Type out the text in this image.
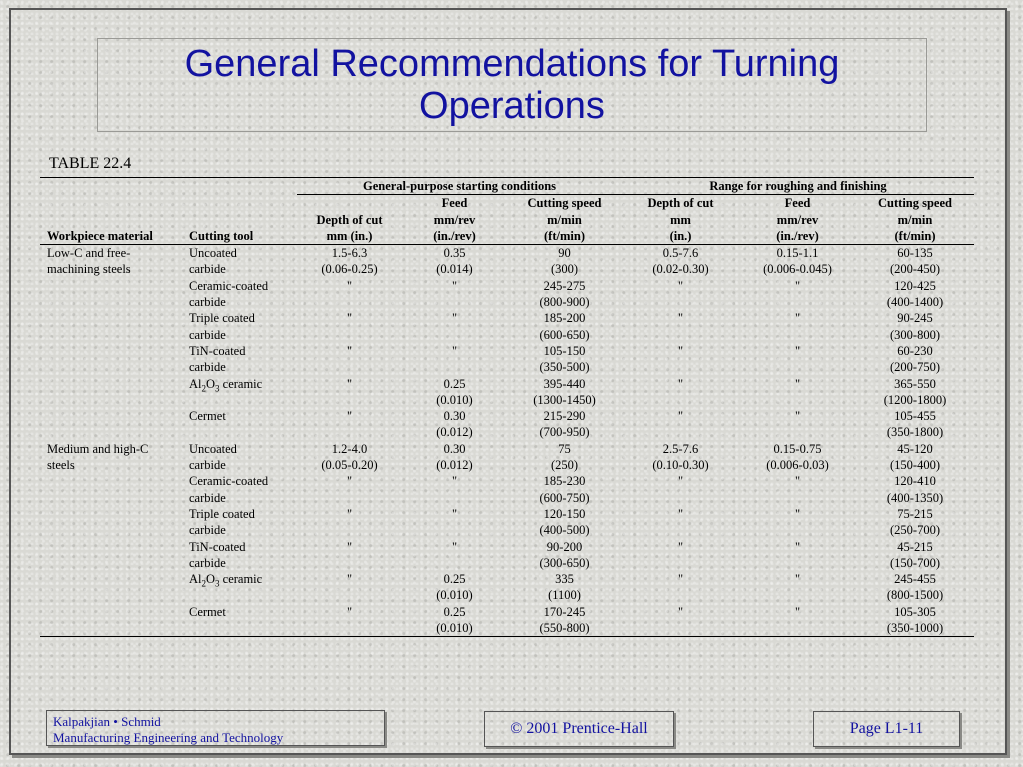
General Recommendations for Turning Operations
TABLE 22.4
		General-purpose starting conditions			Range for roughing and finishing		
			Feed	Cutting speed	Depth of cut	Feed	Cutting speed
		Depth of cut	mm/rev	m/min	mm	mm/rev	m/min
Workpiece material	Cutting tool	mm (in.)	(in./rev)	(ft/min)	(in.)	(in./rev)	(ft/min)
Low-C and free-	Uncoated	1.5-6.3	0.35	90	0.5-7.6	0.15-1.1	60-135
machining steels	carbide	(0.06-0.25)	(0.014)	(300)	(0.02-0.30)	(0.006-0.045)	(200-450)
	Ceramic-coated	"	"	245-275	"	"	120-425
	carbide			(800-900)			(400-1400)
	Triple coated	"	"	185-200	"	"	90-245
	carbide			(600-650)			(300-800)
	TiN-coated	"	"	105-150	"	"	60-230
	carbide			(350-500)			(200-750)
	$Al_2O_3$ ceramic	"	0.25	395-440	"	"	365-550
			(0.010)	(1300-1450)			(1200-1800)
	Cermet	"	0.30	215-290	"	"	105-455
			(0.012)	(700-950)			(350-1800)
Medium and high-C	Uncoated	1.2-4.0	0.30	75	2.5-7.6	0.15-0.75	45-120
steels	carbide	(0.05-0.20)	(0.012)	(250)	(0.10-0.30)	(0.006-0.03)	(150-400)
	Ceramic-coated	"	"	185-230	"	"	120-410
	carbide			(600-750)			(400-1350)
	Triple coated	"	"	120-150	"	"	75-215
	carbide			(400-500)			(250-700)
	TiN-coated	"	"	90-200	"	"	45-215
	carbide			(300-650)			(150-700)
	$Al_2O_3$ ceramic	"	0.25	335	"	"	245-455
			(0.010)	(1100)			(800-1500)
	Cermet	"	0.25	170-245	"	"	105-305
			(0.010)	(550-800)			(350-1000)
Kalpakjian • Schmid
Manufacturing Engineering and Technology
© 2001 Prentice-Hall	Page L1-11
